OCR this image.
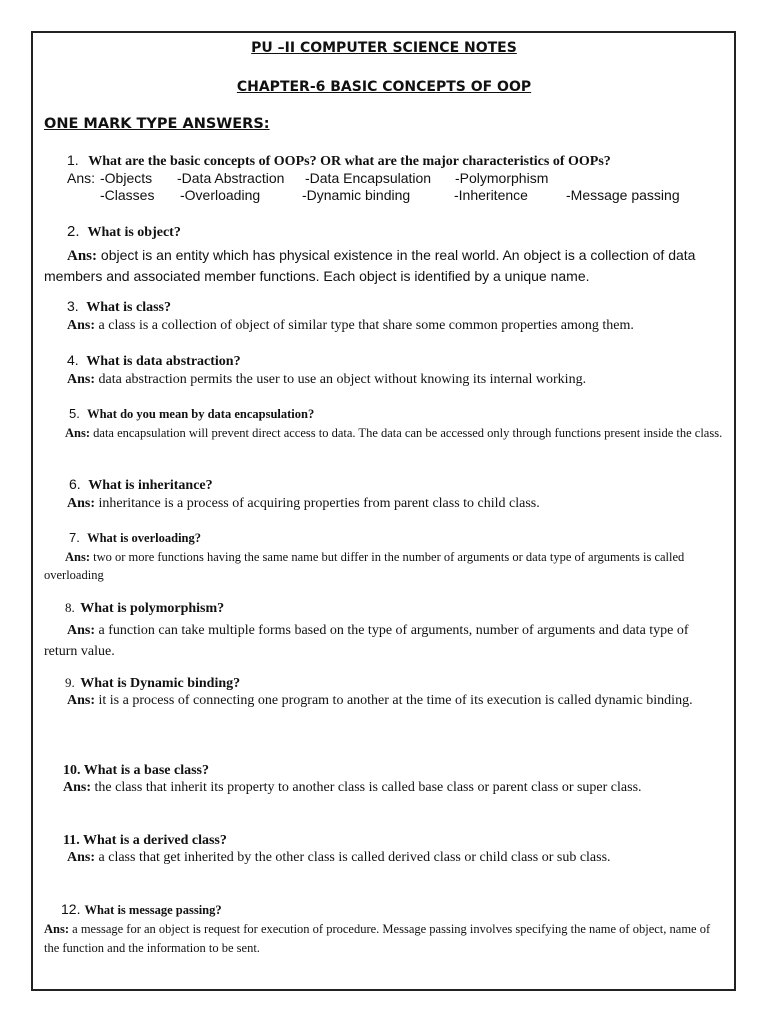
PU –II COMPUTER SCIENCE NOTES
CHAPTER-6 BASIC CONCEPTS OF OOP
ONE MARK TYPE ANSWERS:
1. What are the basic concepts of OOPs? OR what are the major characteristics of OOPs?
Ans: -Objects -Data Abstraction -Data Encapsulation -Polymorphism
-Classes -Overloading	-Dynamic binding	-Inheritence	-Message passing
2. What is object?
Ans: object is an entity which has physical existence in the real world. An object is a collection of data members and associated member functions. Each object is identified by a unique name.
3. What is class?
Ans: a class is a collection of object of similar type that share some common properties among them.
4. What is data abstraction?
Ans: data abstraction permits the user to use an object without knowing its internal working.
5. What do you mean by data encapsulation?
Ans: data encapsulation will prevent direct access to data. The data can be accessed only through functions present inside the class.
6. What is inheritance?
Ans: inheritance is a process of acquiring properties from parent class to child class.
7. What is overloading?
Ans: two or more functions having the same name but differ in the number of arguments or data type of arguments is called overloading
8. What is polymorphism?
Ans: a function can take multiple forms based on the type of arguments, number of arguments and data type of return value.
9. What is Dynamic binding?
Ans: it is a process of connecting one program to another at the time of its execution is called dynamic binding.
10. What is a base class?
Ans: the class that inherit its property to another class is called base class or parent class or super class.
11. What is a derived class?
Ans: a class that get inherited by the other class is called derived class or child class or sub class.
12. What is message passing?
Ans: a message for an object is request for execution of procedure. Message passing involves specifying the name of object, name of the function and the information to be sent.
